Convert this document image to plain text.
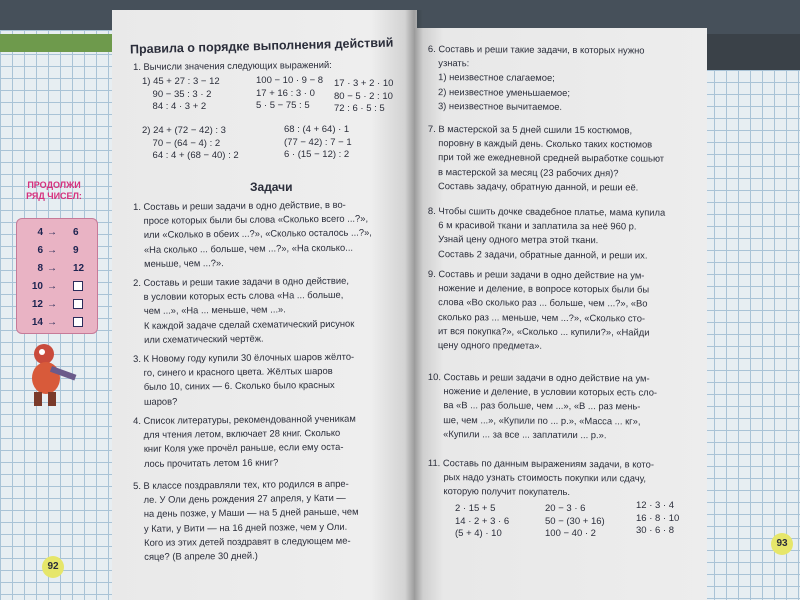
ПРОДОЛЖИ РЯД ЧИСЕЛ:
4 → 6
6 → 9
8 → 12
10 →
12 →
14 →
Правила о порядке выполнения действий
1. Вычисли значения следующих выражений:
1) 45 + 27 : 3 − 12
90 − 35 : 3 · 2
84 : 4 · 3 + 2
100 − 10 · 9 − 8
17 + 16 : 3 · 0
5 · 5 − 75 : 5
17 · 3 + 2 · 10
80 − 5 · 2 : 10
72 : 6 · 5 : 5
2) 24 + (72 − 42) : 3
70 − (64 − 4) : 2
64 : 4 + (68 − 40) : 2
68 : (4 + 64) · 1
(77 − 42) : 7 − 1
6 · (15 − 12) : 2
Задачи
1. Составь и реши задачи в одно действие, в во-
просе которых были бы слова «Сколько всего ...?»,
или «Сколько в обеих ...?», «Сколько осталось ...?»,
«На сколько ... больше, чем ...?», «На сколько...
меньше, чем ...?».
2. Составь и реши такие задачи в одно действие,
в условии которых есть слова «На ... больше,
чем ...», «На ... меньше, чем ...».
К каждой задаче сделай схематический рисунок
или схематический чертёж.
3. К Новому году купили 30 ёлочных шаров жёлто-
го, синего и красного цвета. Жёлтых шаров
было 10, синих — 6. Сколько было красных
шаров?
4. Список литературы, рекомендованной ученикам
для чтения летом, включает 28 книг. Сколько
книг Коля уже прочёл раньше, если ему оста-
лось прочитать летом 16 книг?
5. В классе поздравляли тех, кто родился в апре-
ле. У Оли день рождения 27 апреля, у Кати —
на день позже, у Маши — на 5 дней раньше, чем
у Кати, у Вити — на 16 дней позже, чем у Оли.
Кого из этих детей поздравят в следующем ме-
сяце? (В апреле 30 дней.)
92
6. Составь и реши такие задачи, в которых нужно
узнать:
1) неизвестное слагаемое;
2) неизвестное уменьшаемое;
3) неизвестное вычитаемое.
7. В мастерской за 5 дней сшили 15 костюмов,
поровну в каждый день. Сколько таких костюмов
при той же ежедневной средней выработке сошьют
в мастерской за месяц (23 рабочих дня)?
Составь задачу, обратную данной, и реши её.
8. Чтобы сшить дочке свадебное платье, мама купила
6 м красивой ткани и заплатила за неё 960 р.
Узнай цену одного метра этой ткани.
Составь 2 задачи, обратные данной, и реши их.
9. Составь и реши задачи в одно действие на ум-
ножение и деление, в вопросе которых были бы
слова «Во сколько раз ... больше, чем ...?», «Во
сколько раз ... меньше, чем ...?», «Сколько сто-
ит вся покупка?», «Сколько ... купили?», «Найди
цену одного предмета».
10. Составь и реши задачи в одно действие на ум-
ножение и деление, в условии которых есть сло-
ва «В ... раз больше, чем ...», «В ... раз мень-
ше, чем ...», «Купили по ... р.», «Масса ... кг»,
«Купили ... за все ... заплатили ... р.».
11. Составь по данным выражениям задачи, в кото-
рых надо узнать стоимость покупки или сдачу,
которую получит покупатель.
2 · 15 + 5
14 · 2 + 3 · 6
(5 + 4) · 10
20 − 3 · 6
50 − (30 + 16)
100 − 40 · 2
12 · 3 · 4
16 · 8 · 10
30 · 6 · 8
93
